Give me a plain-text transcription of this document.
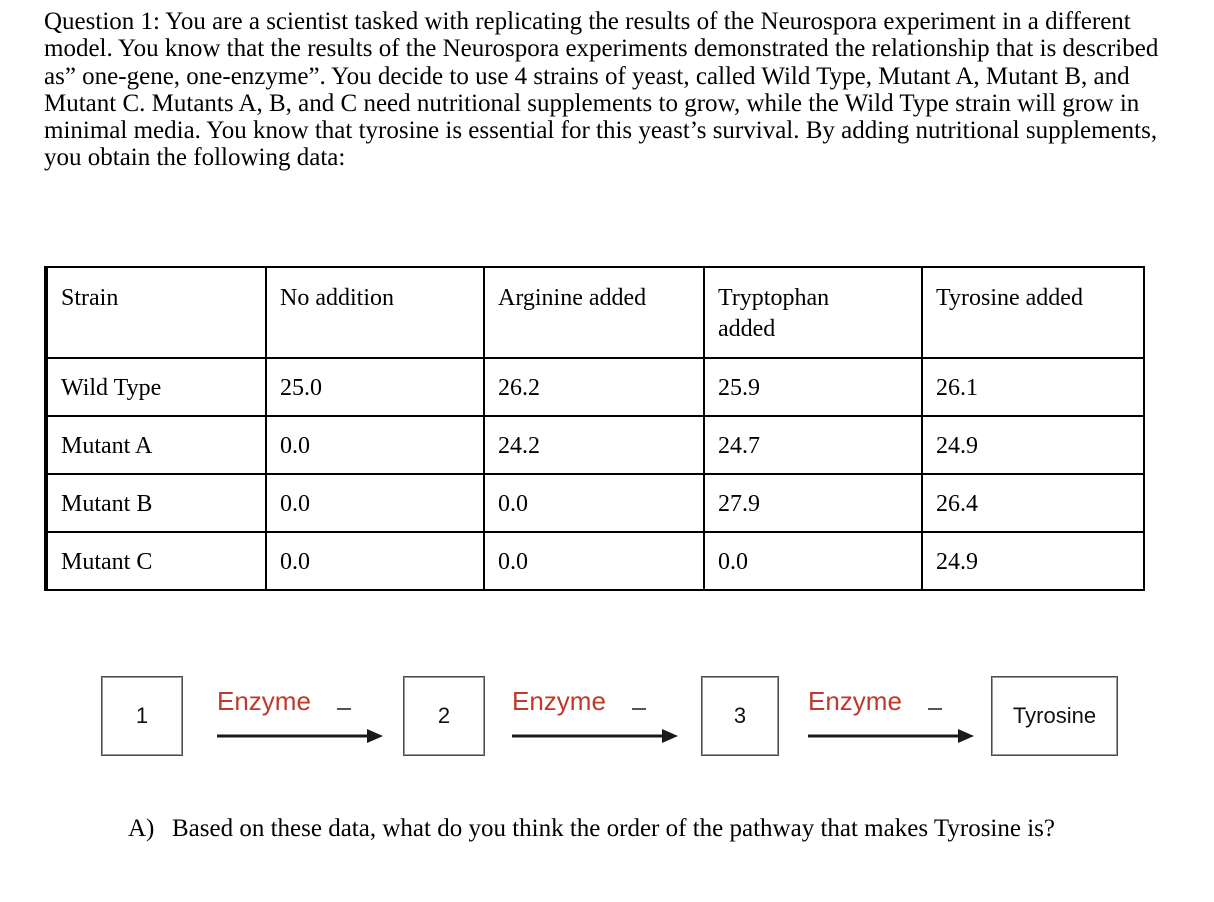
Question 1: You are a scientist tasked with replicating the results of the Neurospora experiment in a different model. You know that the results of the Neurospora experiments demonstrated the relationship that is described as” one-gene, one-enzyme”. You decide to use 4 strains of yeast, called Wild Type, Mutant A, Mutant B, and Mutant C. Mutants A, B, and C need nutritional supplements to grow, while the Wild Type strain will grow in minimal media. You know that tyrosine is essential for this yeast’s survival. By adding nutritional supplements, you obtain the following data:

Strain	No addition	Arginine added	Tryptophan added	Tyrosine added
Wild Type	25.0	26.2	25.9	26.1
Mutant A	0.0	24.2	24.7	24.9
Mutant B	0.0	0.0	27.9	26.4
Mutant C	0.0	0.0	0.0	24.9
1	Enzyme	2	Enzyme	3	Enzyme	Tyrosine

A) Based on these data, what do you think the order of the pathway that makes Tyrosine is?
